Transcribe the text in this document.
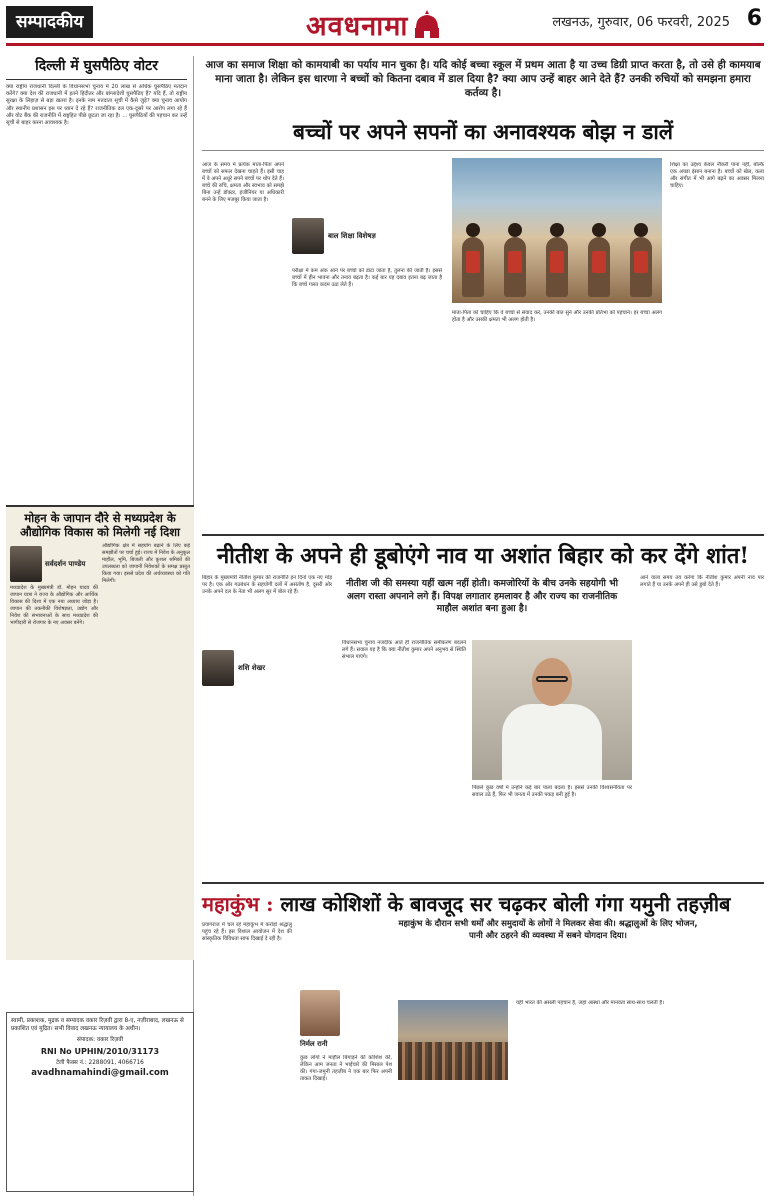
सम्पादकीय	अवधनामा	लखनऊ, गुरुवार, 06 फरवरी, 2025 6
दिल्ली में घुसपैठिए वोटर
क्या राष्ट्रीय राजधानी दिल्ली के विधानसभा चुनाव में 20 लाख से अधिक घुसपैठिए मतदान करेंगे? क्या देश की राजधानी में इतने हिंदीतर और बांग्लादेशी घुसपैठिए हैं? यदि हैं, तो राष्ट्रीय सुरक्षा के लिहाज़ से बड़ा खतरा है। इनके नाम मतदाता सूची में कैसे जुड़े? क्या चुनाव आयोग और स्थानीय प्रशासन इस पर ध्यान दे रहे हैं? राजनीतिक दल एक-दूसरे पर आरोप लगा रहे हैं और वोट बैंक की राजनीति में राष्ट्रहित पीछे छूटता जा रहा है। ... घुसपैठियों की पहचान कर उन्हें सूची से बाहर करना आवश्यक है।
मोहन के जापान दौरे से मध्यप्रदेश के औद्योगिक विकास को मिलेगी नई दिशा
सर्वदर्शन पाण्डेय
मध्यप्रदेश के मुख्यमंत्री डॉ. मोहन यादव की जापान यात्रा ने राज्य के औद्योगिक और आर्थिक विकास की दिशा में एक नया अध्याय जोड़ा है। जापान की तकनीकी विशेषज्ञता, उद्योग और निवेश की संभावनाओं के साथ मध्यप्रदेश की भागीदारी से रोजगार के नए अवसर बनेंगे।
औद्योगिक क्षेत्र में सहयोग बढ़ाने के लिए कई समझौतों पर चर्चा हुई। राज्य में निवेश के अनुकूल माहौल, भूमि, बिजली और कुशल श्रमिकों की उपलब्धता को जापानी निवेशकों के समक्ष प्रस्तुत किया गया। इससे प्रदेश की अर्थव्यवस्था को गति मिलेगी।
स्वामी, प्रकाशक, मुद्रक व सम्पादक वकार रिज़वी द्वारा 8-ए, नज़ीराबाद, लखनऊ से प्रकाशित एवं मुद्रित। सभी विवाद लखनऊ न्यायालय के अधीन।
संपादक: वकार रिज़वी
RNI No UPHIN/2010/31173
टेली फैक्स नं.: 2288091, 4066716
avadhnamahindi@gmail.com
आज का समाज शिक्षा को कामयाबी का पर्याय मान चुका है। यदि कोई बच्चा स्कूल में प्रथम आता है या उच्च डिग्री प्राप्त करता है, तो उसे ही कामयाब माना जाता है। लेकिन इस धारणा ने बच्चों को कितना दबाव में डाल दिया है? क्या आप उन्हें बाहर आने देते हैं? उनकी रुचियों को समझना हमारा कर्तव्य है।
बच्चों पर अपने सपनों का अनावश्यक बोझ न डालें
आज के समय में प्रत्येक माता-पिता अपने बच्चों को सफल देखना चाहते हैं। इसी चाह में वे अपने अधूरे सपने बच्चों पर थोप देते हैं। बच्चे की रुचि, क्षमता और स्वभाव को समझे बिना उन्हें डॉक्टर, इंजीनियर या अधिकारी बनने के लिए मजबूर किया जाता है।
बाल शिक्षा विशेषज्ञ
परीक्षा में कम अंक आने पर बच्चों को डांटा जाता है, तुलना की जाती है। इससे बच्चों में हीन भावना और तनाव बढ़ता है। कई बार यह दबाव इतना बढ़ जाता है कि बच्चे गलत कदम उठा लेते हैं।
माता-पिता को चाहिए कि वे बच्चों से संवाद करें, उनकी बात सुनें और उनकी प्रतिभा को पहचानें। हर बच्चा अलग होता है और उसकी क्षमता भी अलग होती है।
शिक्षा का उद्देश्य केवल नौकरी पाना नहीं, बल्कि एक अच्छा इंसान बनाना है। बच्चों को खेल, कला और संगीत में भी आगे बढ़ने का अवसर मिलना चाहिए।
नीतीश के अपने ही डूबोएंगे नाव या अशांत बिहार को कर देंगे शांत!
नीतीश जी की समस्या यहीं खत्म नहीं होती। कमजोरियों के बीच उनके सहयोगी भी अलग रास्ता अपनाने लगे हैं। विपक्ष लगातार हमलावर है और राज्य का राजनीतिक माहौल अशांत बना हुआ है।
बिहार के मुख्यमंत्री नीतीश कुमार की राजनीति इन दिनों एक नए मोड़ पर है। एक ओर गठबंधन के सहयोगी दलों में असंतोष है, दूसरी ओर उनके अपने दल के नेता भी अलग सुर में बोल रहे हैं।
शशि शेखर
विधानसभा चुनाव नजदीक आते ही राजनीतिक समीकरण बदलने लगे हैं। सवाल यह है कि क्या नीतीश कुमार अपने अनुभव से स्थिति संभाल पाएंगे।
पिछले कुछ वर्षों में उन्होंने कई बार पाला बदला है। इससे उनकी विश्वसनीयता पर सवाल उठे हैं, फिर भी जनता में उनकी पकड़ बनी हुई है।
आने वाला समय तय करेगा कि नीतीश कुमार अपनी नाव पार लगाते हैं या उनके अपने ही उसे डुबो देते हैं।
महाकुंभ : लाख कोशिशों के बावजूद सर चढ़कर बोली गंगा यमुनी तहज़ीब
प्रयागराज में चल रहे महाकुंभ में करोड़ों श्रद्धालु पहुंच रहे हैं। इस विशाल आयोजन में देश की सांस्कृतिक विविधता साफ दिखाई दे रही है।
निर्मल रानी
कुछ लोगों ने माहौल बिगाड़ने की कोशिश की, लेकिन आम जनता ने भाईचारे की मिसाल पेश की। गंगा-जमुनी तहज़ीब ने एक बार फिर अपनी ताकत दिखाई।
महाकुंभ के दौरान सभी धर्मों और समुदायों के लोगों ने मिलकर सेवा की। श्रद्धालुओं के लिए भोजन, पानी और ठहरने की व्यवस्था में सबने योगदान दिया।
यही भारत की असली पहचान है, जहां आस्था और मानवता साथ-साथ चलती हैं।
